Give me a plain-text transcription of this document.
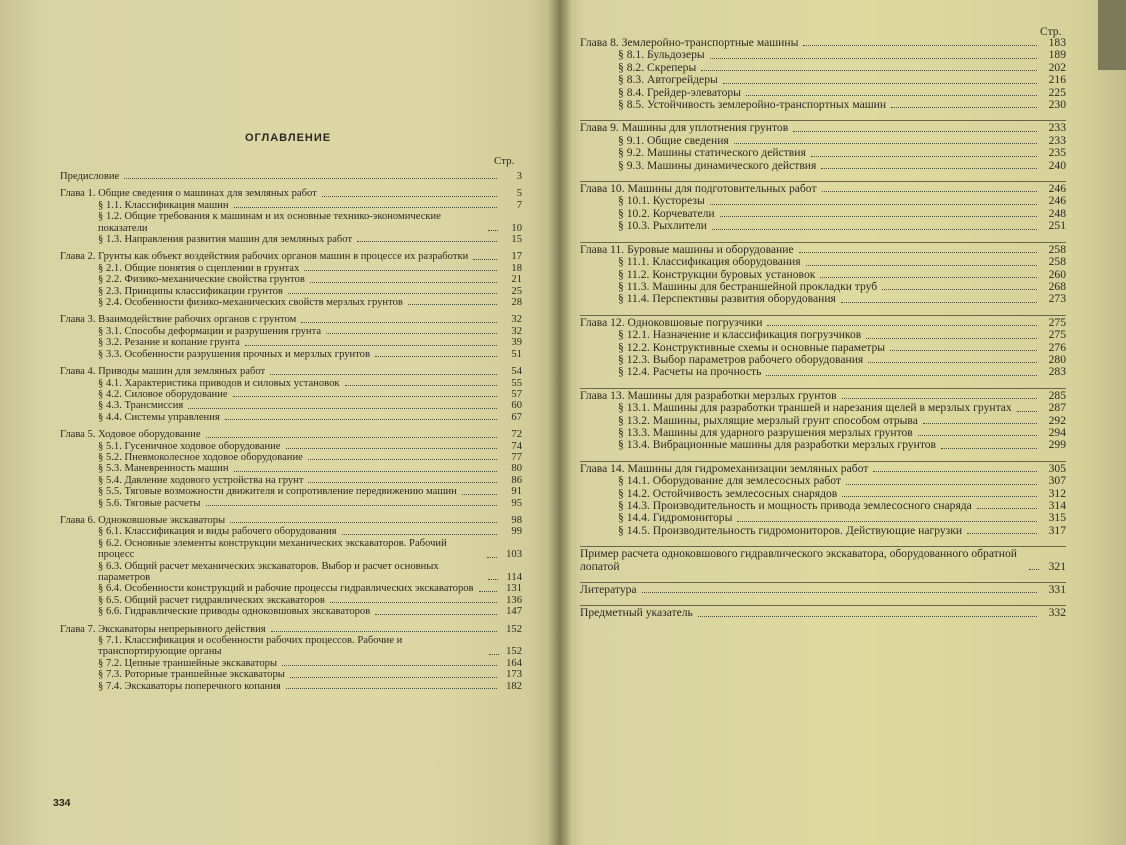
ОГЛАВЛЕНИЕ
Стр.
Стр.
Предисловие	3
Глава 1. Общие сведения о машинах для земляных работ	5
§ 1.1. Классификация машин	7
§ 1.2. Общие требования к машинам и их основные технико-экономические показатели	10
§ 1.3. Направления развития машин для земляных работ	15
Глава 2. Грунты как объект воздействия рабочих органов машин в процессе их разработки	17
§ 2.1. Общие понятия о сцеплении в грунтах	18
§ 2.2. Физико-механические свойства грунтов	21
§ 2.3. Принципы классификации грунтов	25
§ 2.4. Особенности физико-механических свойств мерзлых грунтов	28
Глава 3. Взаимодействие рабочих органов с грунтом	32
§ 3.1. Способы деформации и разрушения грунта	32
§ 3.2. Резание и копание грунта	39
§ 3.3. Особенности разрушения прочных и мерзлых грунтов	51
Глава 4. Приводы машин для земляных работ	54
§ 4.1. Характеристика приводов и силовых установок	55
§ 4.2. Силовое оборудование	57
§ 4.3. Трансмиссия	60
§ 4.4. Системы управления	67
Глава 5. Ходовое оборудование	72
§ 5.1. Гусеничное ходовое оборудование	74
§ 5.2. Пневмоколесное ходовое оборудование	77
§ 5.3. Маневренность машин	80
§ 5.4. Давление ходового устройства на грунт	86
§ 5.5. Тяговые возможности движителя и сопротивление передвижению машин	91
§ 5.6. Тяговые расчеты	95
Глава 6. Одноковшовые экскаваторы	98
§ 6.1. Классификация и виды рабочего оборудования	99
§ 6.2. Основные элементы конструкции механических экскаваторов. Рабочий процесс	103
§ 6.3. Общий расчет механических экскаваторов. Выбор и расчет основных параметров	114
§ 6.4. Особенности конструкций и рабочие процессы гидравлических экскаваторов	131
§ 6.5. Общий расчет гидравлических экскаваторов	136
§ 6.6. Гидравлические приводы одноковшовых экскаваторов	147
Глава 7. Экскаваторы непрерывного действия	152
§ 7.1. Классификация и особенности рабочих процессов. Рабочие и транспортирующие органы	152
§ 7.2. Цепные траншейные экскаваторы	164
§ 7.3. Роторные траншейные экскаваторы	173
§ 7.4. Экскаваторы поперечного копания	182
Глава 8. Землеройно-транспортные машины	183
§ 8.1. Бульдозеры	189
§ 8.2. Скреперы	202
§ 8.3. Автогрейдеры	216
§ 8.4. Грейдер-элеваторы	225
§ 8.5. Устойчивость землеройно-транспортных машин	230
Глава 9. Машины для уплотнения грунтов	233
§ 9.1. Общие сведения	233
§ 9.2. Машины статического действия	235
§ 9.3. Машины динамического действия	240
Глава 10. Машины для подготовительных работ	246
§ 10.1. Кусторезы	246
§ 10.2. Корчеватели	248
§ 10.3. Рыхлители	251
Глава 11. Буровые машины и оборудование	258
§ 11.1. Классификация оборудования	258
§ 11.2. Конструкции буровых установок	260
§ 11.3. Машины для бестраншейной прокладки труб	268
§ 11.4. Перспективы развития оборудования	273
Глава 12. Одноковшовые погрузчики	275
§ 12.1. Назначение и классификация погрузчиков	275
§ 12.2. Конструктивные схемы и основные параметры	276
§ 12.3. Выбор параметров рабочего оборудования	280
§ 12.4. Расчеты на прочность	283
Глава 13. Машины для разработки мерзлых грунтов	285
§ 13.1. Машины для разработки траншей и нарезания щелей в мерзлых грунтах	287
§ 13.2. Машины, рыхлящие мерзлый грунт способом отрыва	292
§ 13.3. Машины для ударного разрушения мерзлых грунтов	294
§ 13.4. Вибрационные машины для разработки мерзлых грунтов	299
Глава 14. Машины для гидромеханизации земляных работ	305
§ 14.1. Оборудование для землесосных работ	307
§ 14.2. Остойчивость землесосных снарядов	312
§ 14.3. Производительность и мощность привода землесосного снаряда	314
§ 14.4. Гидромониторы	315
§ 14.5. Производительность гидромониторов. Действующие нагрузки	317
Пример расчета одноковшового гидравлического экскаватора, оборудованного обратной лопатой	321
Литература	331
Предметный указатель	332
334
